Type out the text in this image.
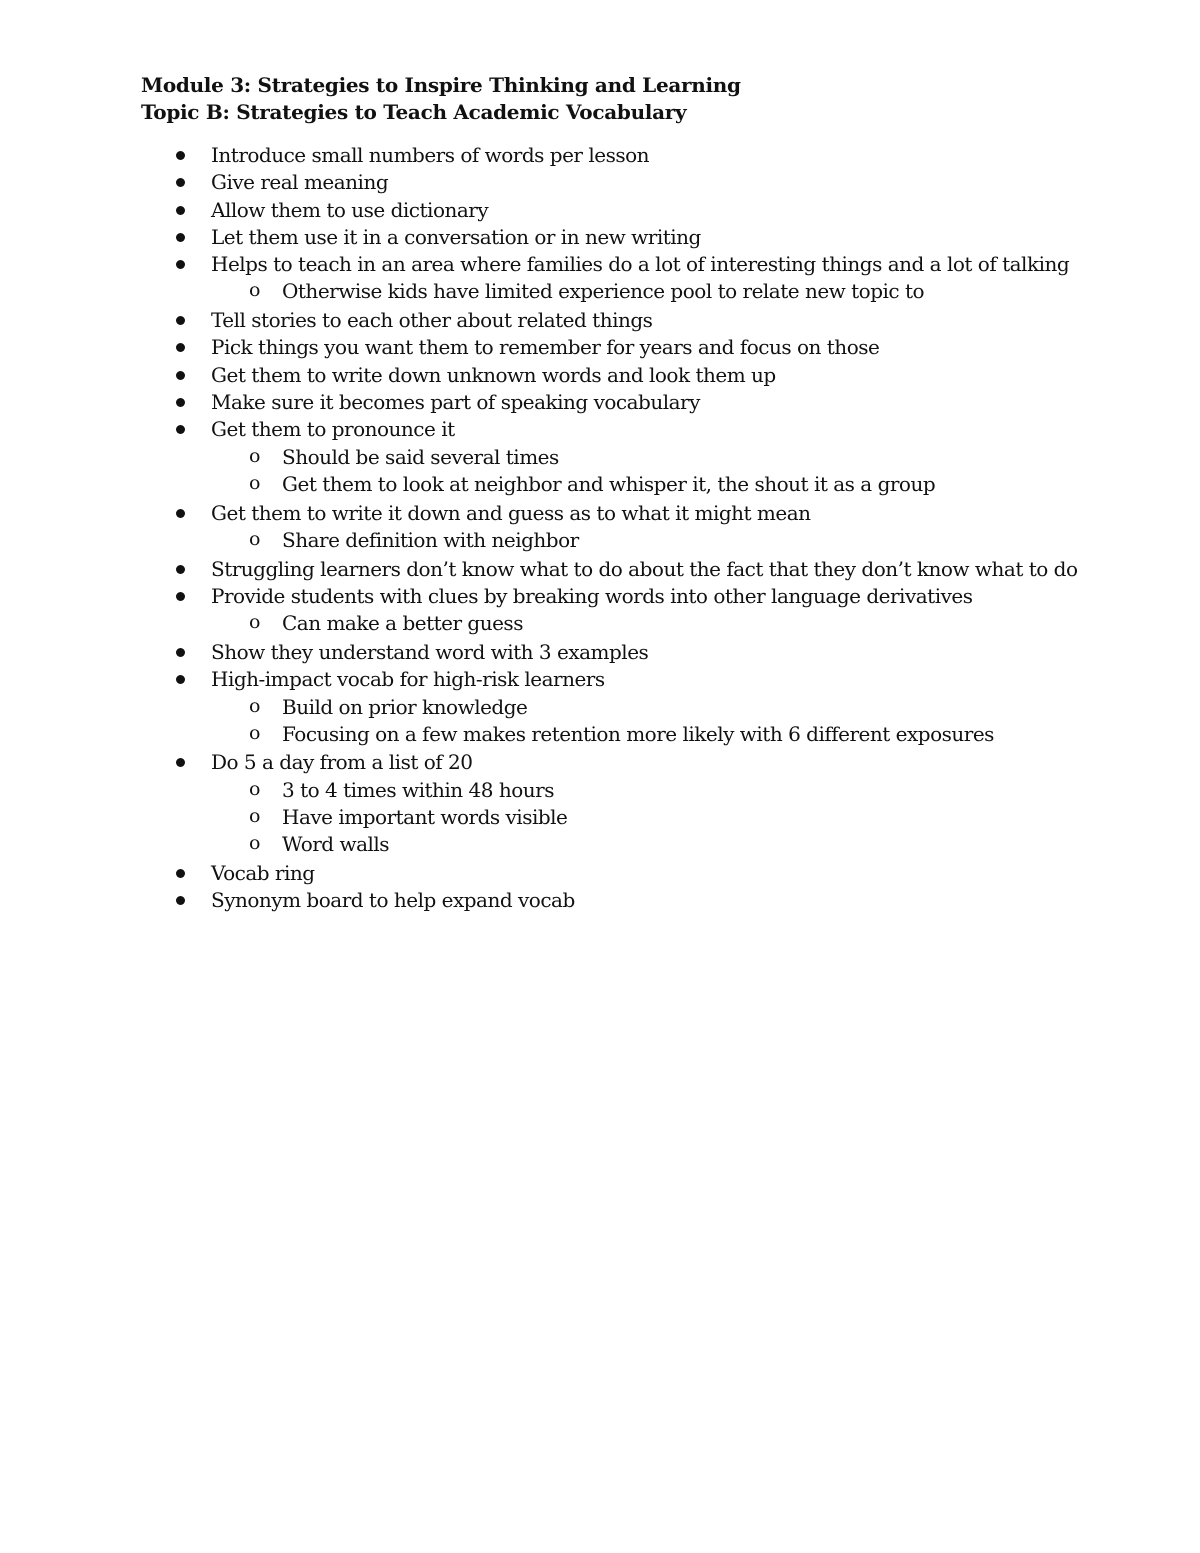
Module 3: Strategies to Inspire Thinking and Learning
Topic B: Strategies to Teach Academic Vocabulary
Introduce small numbers of words per lesson
Give real meaning
Allow them to use dictionary
Let them use it in a conversation or in new writing
Helps to teach in an area where families do a lot of interesting things and a lot of talking
o Otherwise kids have limited experience pool to relate new topic to
Tell stories to each other about related things
Pick things you want them to remember for years and focus on those
Get them to write down unknown words and look them up
Make sure it becomes part of speaking vocabulary
Get them to pronounce it
o Should be said several times
o Get them to look at neighbor and whisper it, the shout it as a group
Get them to write it down and guess as to what it might mean
o Share definition with neighbor
Struggling learners don’t know what to do about the fact that they don’t know what to do
Provide students with clues by breaking words into other language derivatives
o Can make a better guess
Show they understand word with 3 examples
High-impact vocab for high-risk learners
o Build on prior knowledge
o Focusing on a few makes retention more likely with 6 different exposures
Do 5 a day from a list of 20
o 3 to 4 times within 48 hours
o Have important words visible
o Word walls
Vocab ring
Synonym board to help expand vocab
